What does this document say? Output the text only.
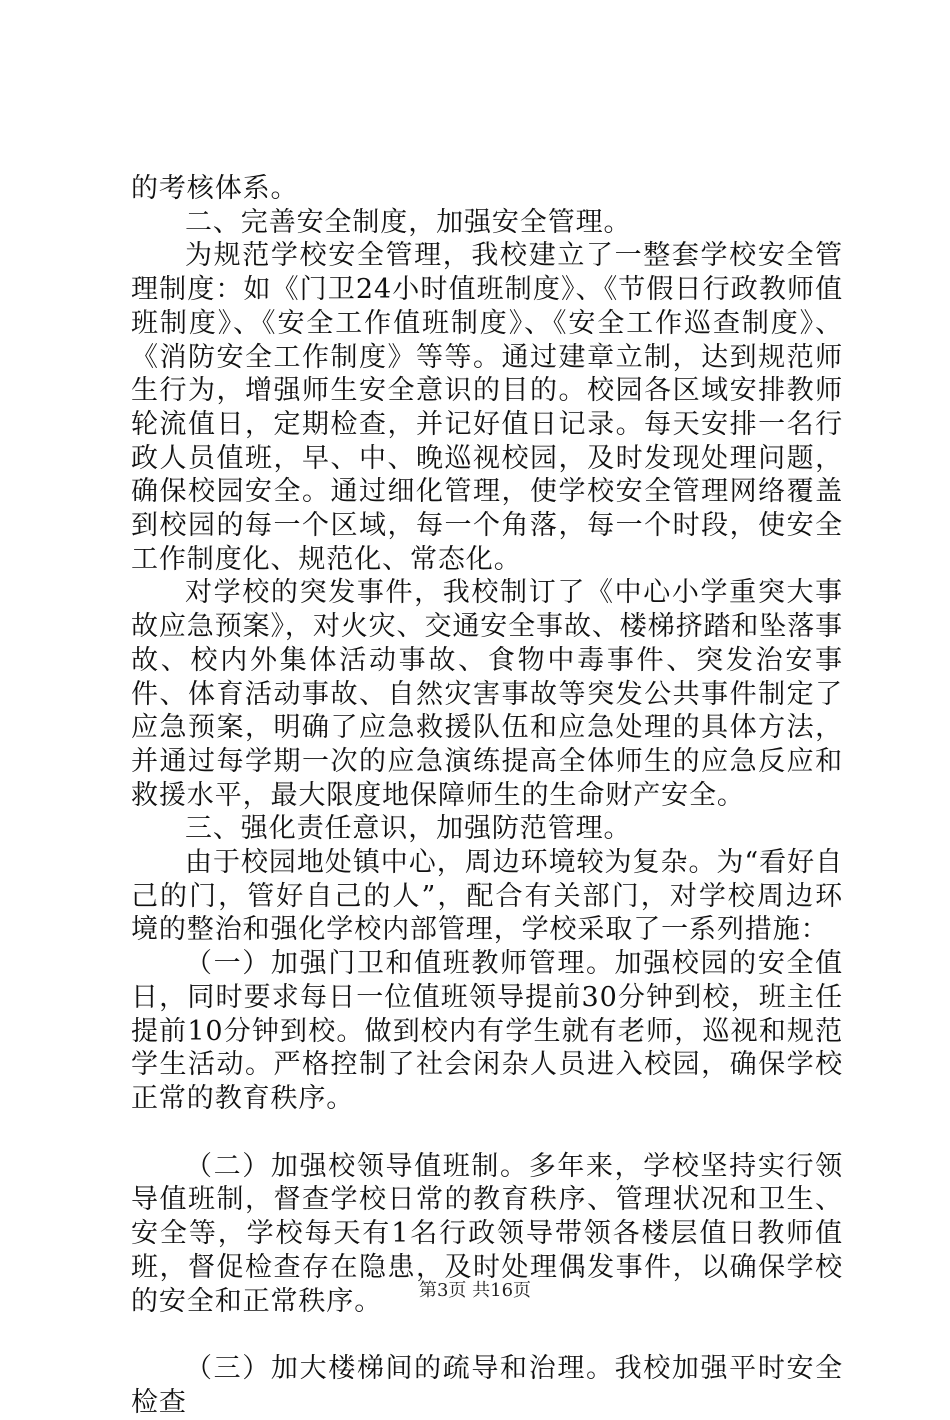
的考核体系。

二、完善安全制度，加强安全管理。

为规范学校安全管理，我校建立了一整套学校安全管理制度：如《门卫24小时值班制度》、《节假日行政教师值班制度》、《安全工作值班制度》、《安全工作巡查制度》、《消防安全工作制度》等等。通过建章立制，达到规范师生行为，增强师生安全意识的目的。校园各区域安排教师轮流值日，定期检查，并记好值日记录。每天安排一名行政人员值班，早、中、晚巡视校园，及时发现处理问题，确保校园安全。通过细化管理，使学校安全管理网络覆盖到校园的每一个区域，每一个角落，每一个时段，使安全工作制度化、规范化、常态化。

对学校的突发事件，我校制订了《中心小学重突大事故应急预案》，对火灾、交通安全事故、楼梯挤踏和坠落事故、校内外集体活动事故、食物中毒事件、突发治安事件、体育活动事故、自然灾害事故等突发公共事件制定了应急预案，明确了应急救援队伍和应急处理的具体方法，并通过每学期一次的应急演练提高全体师生的应急反应和救援水平，最大限度地保障师生的生命财产安全。

三、强化责任意识，加强防范管理。

由于校园地处镇中心，周边环境较为复杂。为“看好自己的门，管好自己的人”，配合有关部门，对学校周边环境的整治和强化学校内部管理，学校采取了一系列措施：

（一）加强门卫和值班教师管理。加强校园的安全值日，同时要求每日一位值班领导提前30分钟到校，班主任提前10分钟到校。做到校内有学生就有老师，巡视和规范学生活动。严格控制了社会闲杂人员进入校园，确保学校正常的教育秩序。

（二）加强校领导值班制。多年来，学校坚持实行领导值班制，督查学校日常的教育秩序、管理状况和卫生、安全等，学校每天有1名行政领导带领各楼层值日教师值班，督促检查存在隐患，及时处理偶发事件，以确保学校的安全和正常秩序。

（三）加大楼梯间的疏导和治理。我校加强平时安全检查

第3页 共16页
